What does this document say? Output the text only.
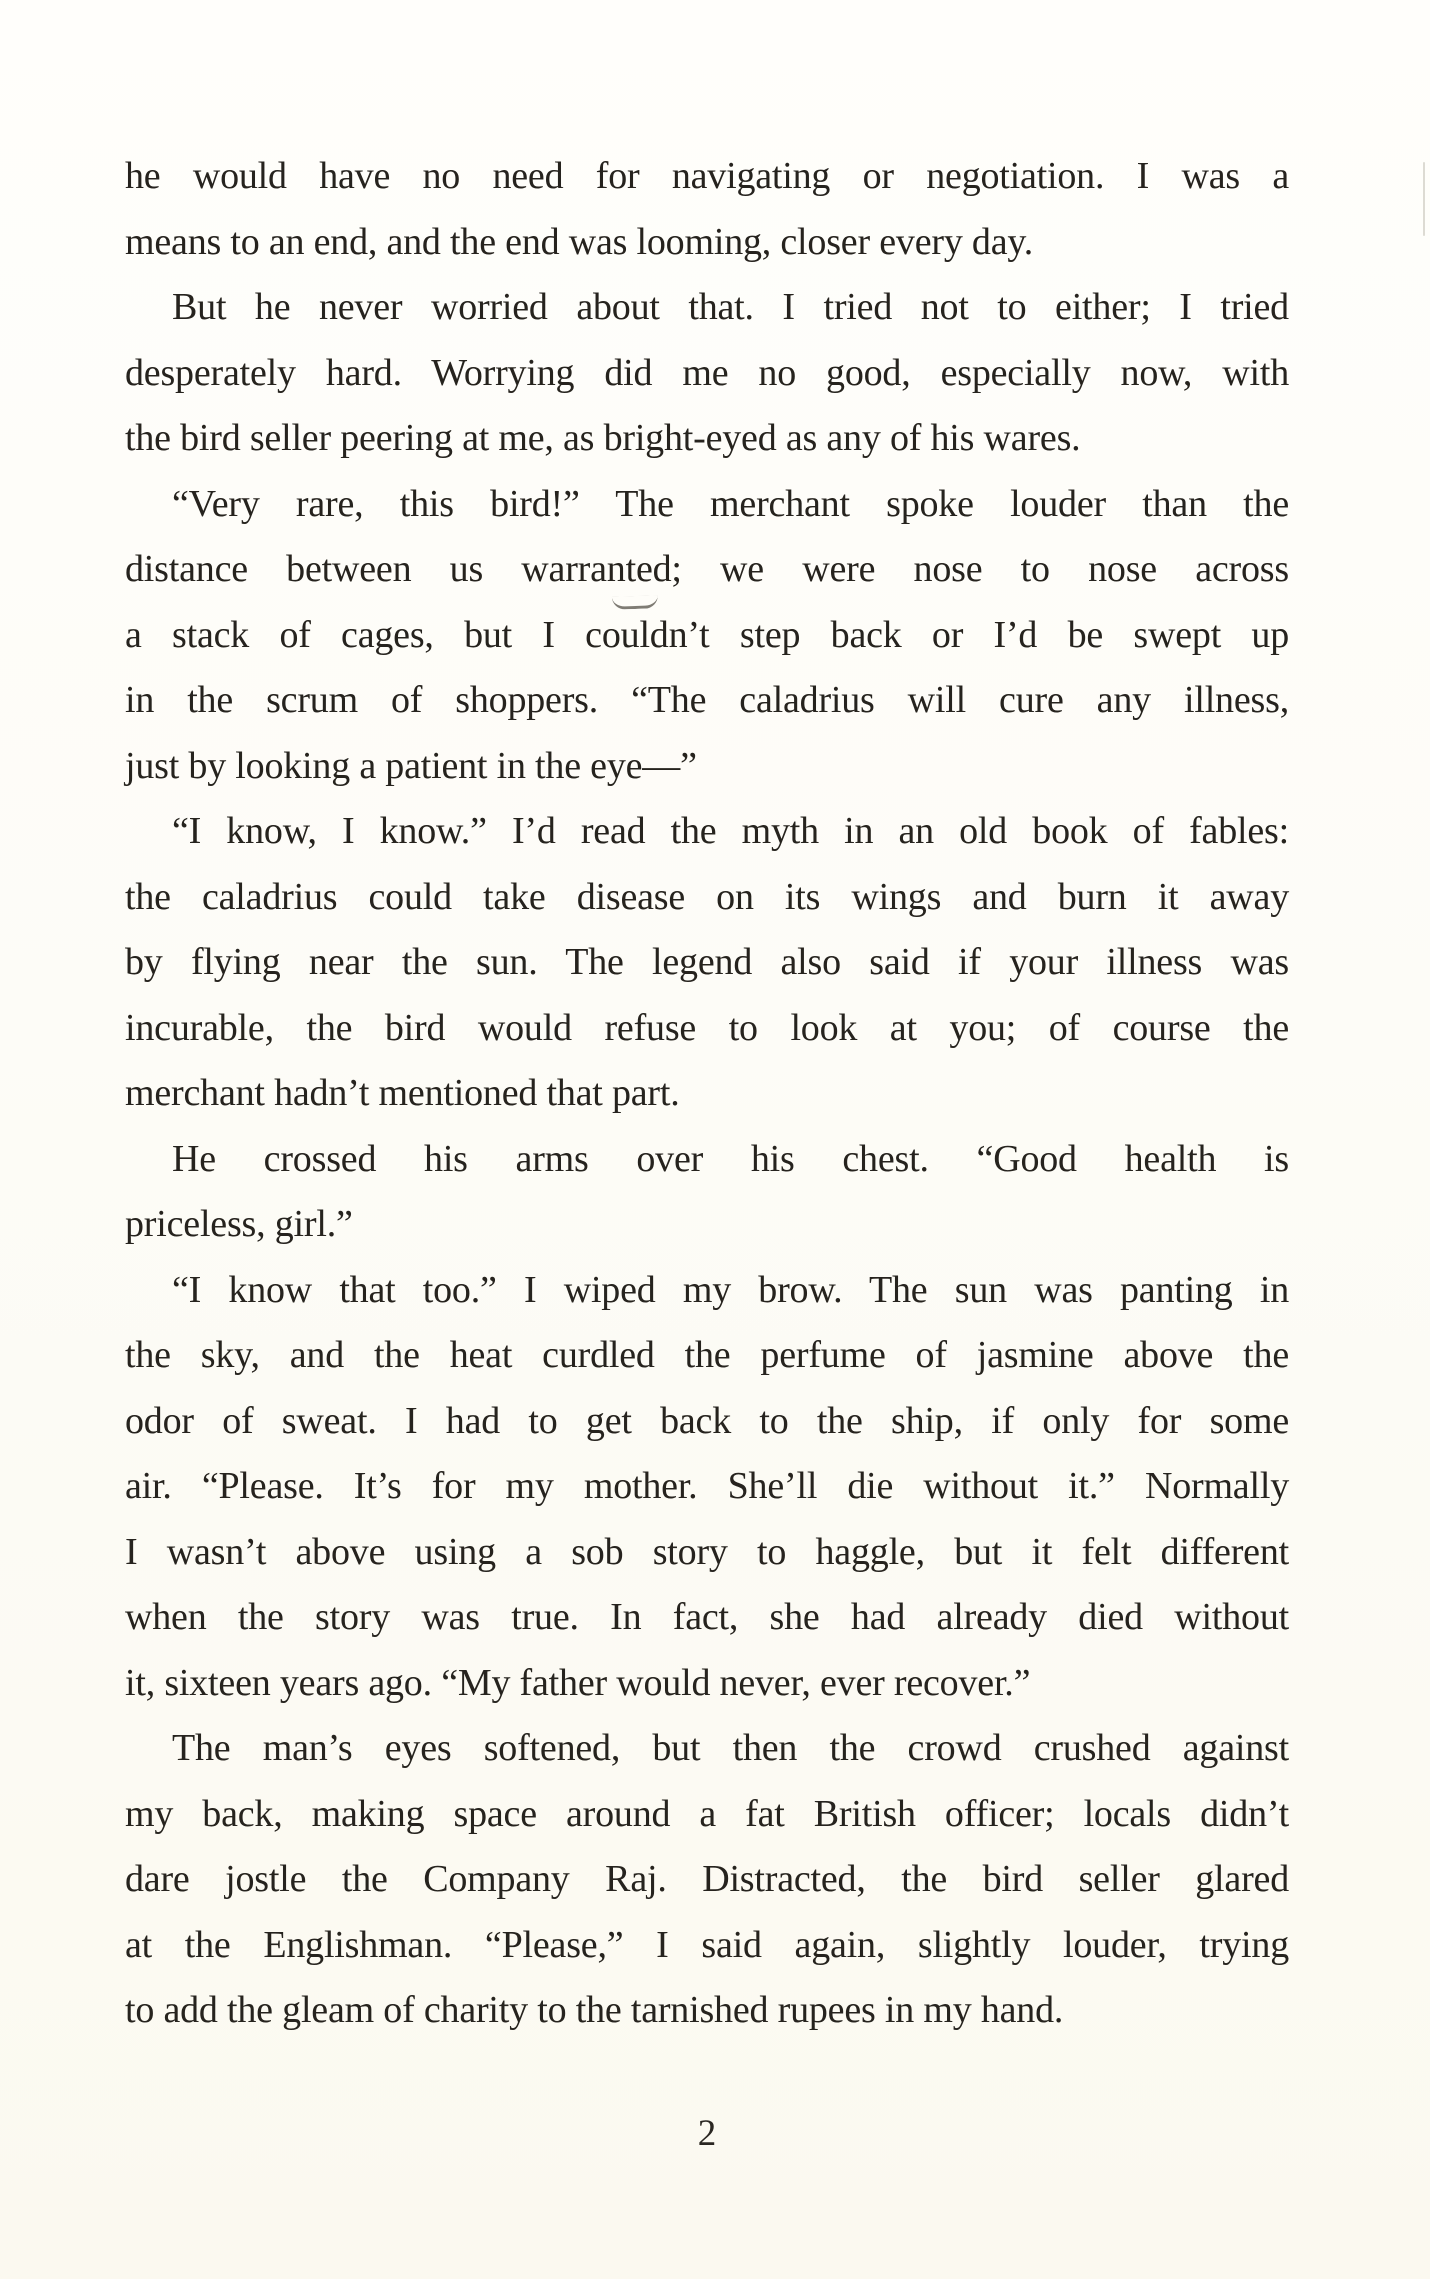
he would have no need for navigating or negotiation. I was a
means to an end, and the end was looming, closer every day.
But he never worried about that. I tried not to either; I tried
desperately hard. Worrying did me no good, especially now, with
the bird seller peering at me, as bright-eyed as any of his wares.
“Very rare, this bird!” The merchant spoke louder than the
distance between us warranted; we were nose to nose across
a stack of cages, but I couldn’t step back or I’d be swept up
in the scrum of shoppers. “The caladrius will cure any illness,
just by looking a patient in the eye—”
“I know, I know.” I’d read the myth in an old book of fables:
the caladrius could take disease on its wings and burn it away
by flying near the sun. The legend also said if your illness was
incurable, the bird would refuse to look at you; of course the
merchant hadn’t mentioned that part.
He crossed his arms over his chest. “Good health is
priceless, girl.”
“I know that too.” I wiped my brow. The sun was panting in
the sky, and the heat curdled the perfume of jasmine above the
odor of sweat. I had to get back to the ship, if only for some
air. “Please. It’s for my mother. She’ll die without it.” Normally
I wasn’t above using a sob story to haggle, but it felt different
when the story was true. In fact, she had already died without
it, sixteen years ago. “My father would never, ever recover.”
The man’s eyes softened, but then the crowd crushed against
my back, making space around a fat British officer; locals didn’t
dare jostle the Company Raj. Distracted, the bird seller glared
at the Englishman. “Please,” I said again, slightly louder, trying
to add the gleam of charity to the tarnished rupees in my hand.
2
